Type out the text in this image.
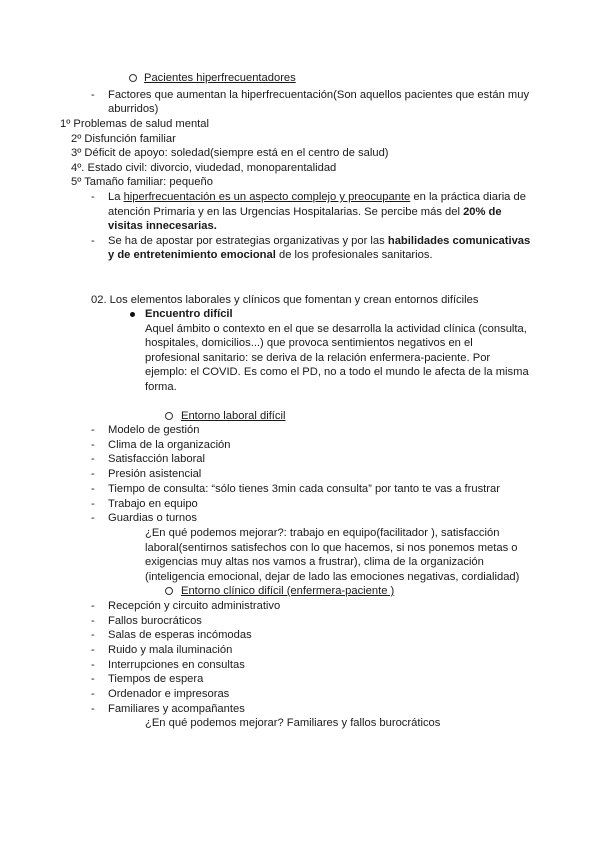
Pacientes hiperfrecuentadores
- Factores que aumentan la hiperfrecuentación(Son aquellos pacientes que están muy
aburridos)
1º Problemas de salud mental
2º Disfunción familiar
3º Déficit de apoyo: soledad(siempre está en el centro de salud)
4º. Estado civil: divorcio, viudedad, monoparentalidad
5º Tamaño familiar: pequeño
- La hiperfrecuentación es un aspecto complejo y preocupante en la práctica diaria de
atención Primaria y en las Urgencias Hospitalarias. Se percibe más del 20% de
visitas innecesarias.
- Se ha de apostar por estrategias organizativas y por las habilidades comunicativas
y de entretenimiento emocional de los profesionales sanitarios.
02. Los elementos laborales y clínicos que fomentan y crean entornos difíciles
Encuentro difícil
Aquel ámbito o contexto en el que se desarrolla la actividad clínica (consulta,
hospitales, domicilios...) que provoca sentimientos negativos en el
profesional sanitario: se deriva de la relación enfermera-paciente. Por
ejemplo: el COVID. Es como el PD, no a todo el mundo le afecta de la misma
forma.
Entorno laboral difícil
- Modelo de gestión
- Clima de la organización
- Satisfacción laboral
- Presión asistencial
- Tiempo de consulta: “sólo tienes 3min cada consulta” por tanto te vas a frustrar
- Trabajo en equipo
- Guardias o turnos
¿En qué podemos mejorar?: trabajo en equipo(facilitador ), satisfacción
laboral(sentirnos satisfechos con lo que hacemos, si nos ponemos metas o
exigencias muy altas nos vamos a frustrar), clima de la organización
(inteligencia emocional, dejar de lado las emociones negativas, cordialidad)
Entorno clínico difícil (enfermera-paciente )
- Recepción y circuito administrativo
- Fallos burocráticos
- Salas de esperas incómodas
- Ruido y mala iluminación
- Interrupciones en consultas
- Tiempos de espera
- Ordenador e impresoras
- Familiares y acompañantes
¿En qué podemos mejorar? Familiares y fallos burocráticos
